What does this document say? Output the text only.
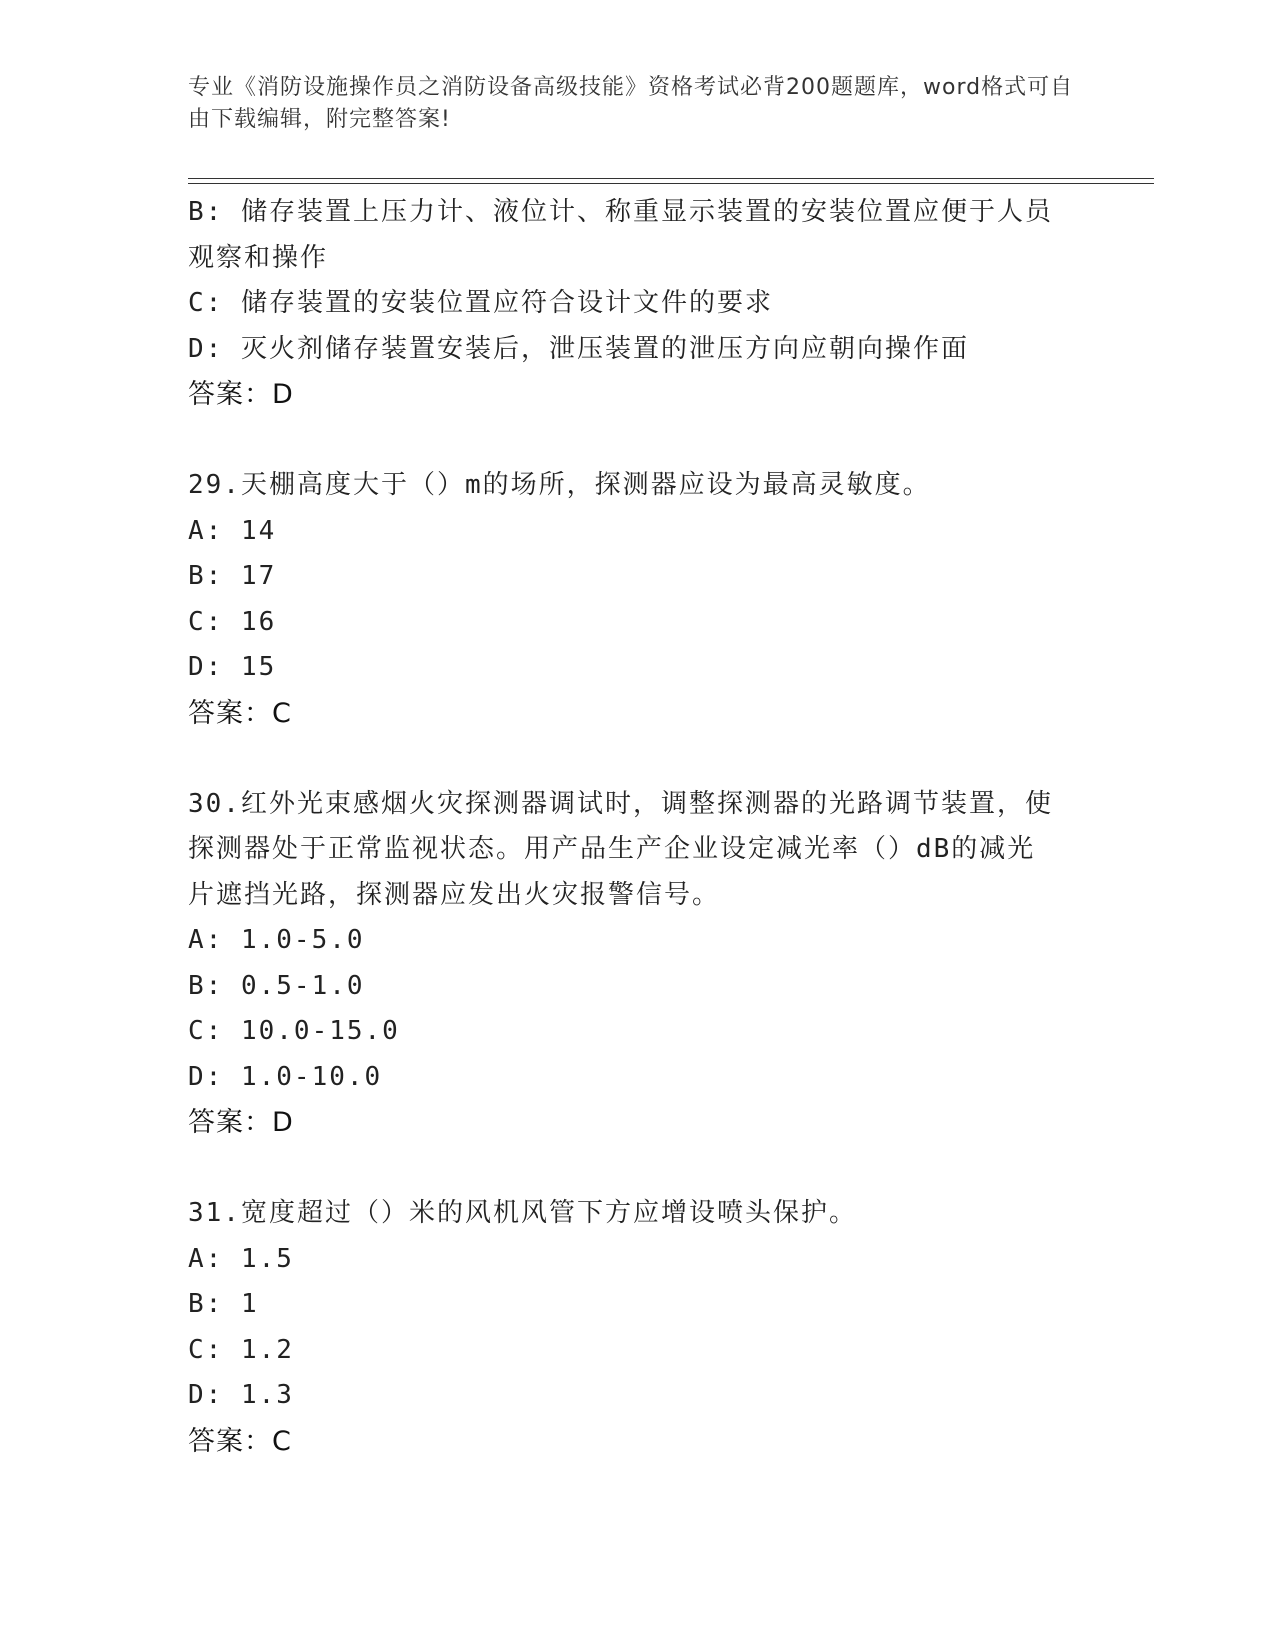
专业《消防设施操作员之消防设备高级技能》资格考试必背200题题库，word格式可自由下载编辑，附完整答案!
B: 储存装置上压力计、液位计、称重显示装置的安装位置应便于人员
观察和操作
C: 储存装置的安装位置应符合设计文件的要求
D: 灭火剂储存装置安装后，泄压装置的泄压方向应朝向操作面
答案：D
29.天棚高度大于（）m的场所，探测器应设为最高灵敏度。
A: 14
B: 17
C: 16
D: 15
答案：C
30.红外光束感烟火灾探测器调试时，调整探测器的光路调节装置，使
探测器处于正常监视状态。用产品生产企业设定减光率（）dB的减光
片遮挡光路，探测器应发出火灾报警信号。
A: 1.0-5.0
B: 0.5-1.0
C: 10.0-15.0
D: 1.0-10.0
答案：D
31.宽度超过（）米的风机风管下方应增设喷头保护。
A: 1.5
B: 1
C: 1.2
D: 1.3
答案：C
